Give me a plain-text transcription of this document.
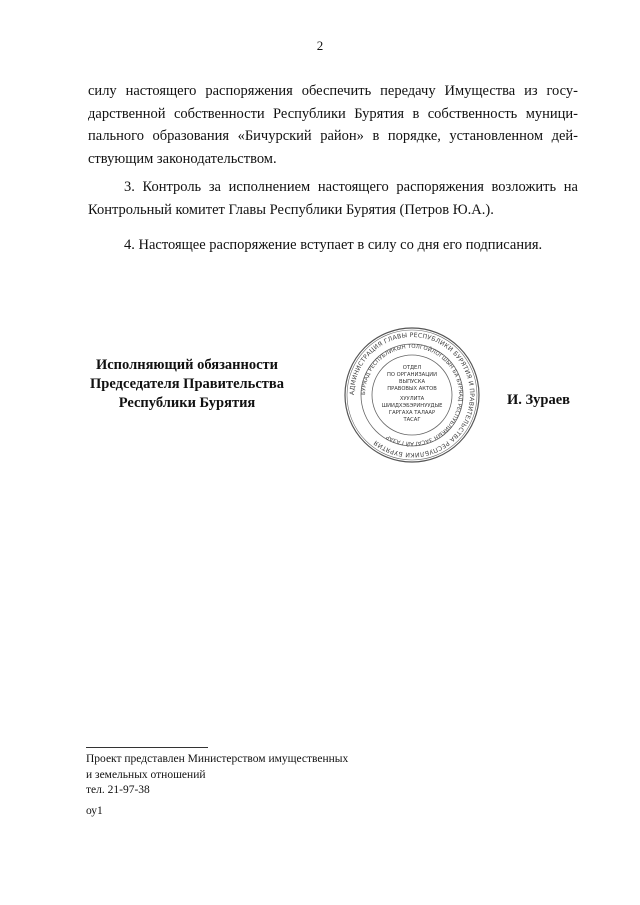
2
силу настоящего распоряжения обеспечить передачу Имущества из госу-
дарственной собственности Республики Бурятия в собственность муници-
пального образования «Бичурский район» в порядке, установленном дей-
ствующим законодательством.
3. Контроль за исполнением настоящего распоряжения возложить на
Контрольный комитет Главы Республики Бурятия (Петров Ю.А.).
4. Настоящее распоряжение вступает в силу со дня его подписания.
Исполняющий обязанности
Председателя Правительства
Республики Бурятия
АДМИНИСТРАЦИЯ ГЛАВЫ РЕСПУБЛИКИ БУРЯТИЯ И ПРАВИТЕЛЬСТВА РЕСПУБЛИКИ БУРЯТИЯ
БУРЯАД РЕСПУБЛИКЫН ТОЛГОЙЛОГШЫН БА БУРЯАД РЕСПУБЛИКЫН ЗАСАГАЙ ГАЗАР
ОТДЕЛ
ПО ОРГАНИЗАЦИИ
ВЫПУСКА
ПРАВОВЫХ АКТОВ
ХУУЛИТА
ШИИДХЭБЭРИНУУДЫЕ
ГАРГАХА ТАЛААР
ТАСАГ
И. Зураев
Проект представлен Министерством имущественных
и земельных отношений
тел. 21-97-38
оу1
